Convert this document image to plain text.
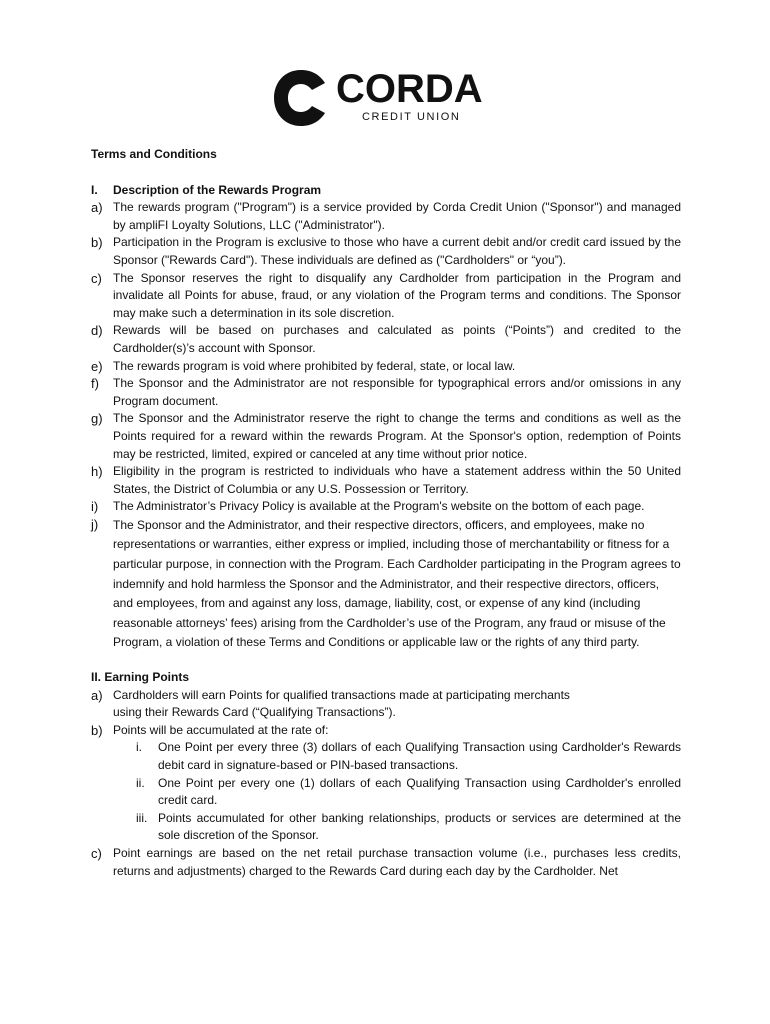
CORDA
CREDIT UNION

Terms and Conditions

I.	Description of the Rewards Program
a) The rewards program ("Program") is a service provided by Corda Credit Union ("Sponsor") and managed by ampliFI Loyalty Solutions, LLC ("Administrator").
b) Participation in the Program is exclusive to those who have a current debit and/or credit card issued by the Sponsor ("Rewards Card"). These individuals are defined as ("Cardholders" or “you”).
c) The Sponsor reserves the right to disqualify any Cardholder from participation in the Program and invalidate all Points for abuse, fraud, or any violation of the Program terms and conditions. The Sponsor may make such a determination in its sole discretion.
d) Rewards will be based on purchases and calculated as points (“Points”) and credited to the Cardholder(s)’s account with Sponsor.
e) The rewards program is void where prohibited by federal, state, or local law.
f)	The Sponsor and the Administrator are not responsible for typographical errors and/or omissions in any Program document.
g) The Sponsor and the Administrator reserve the right to change the terms and conditions as well as the Points required for a reward within the rewards Program. At the Sponsor's option, redemption of Points may be restricted, limited, expired or canceled at any time without prior notice.
h) Eligibility in the program is restricted to individuals who have a statement address within the 50 United States, the District of Columbia or any U.S. Possession or Territory.
i)	The Administrator’s Privacy Policy is available at the Program's website on the bottom of each page.
j)	The Sponsor and the Administrator, and their respective directors, officers, and employees, make no representations or warranties, either express or implied, including those of merchantability or fitness for a particular purpose, in connection with the Program. Each Cardholder participating in the Program agrees to indemnify and hold harmless the Sponsor and the Administrator, and their respective directors, officers, and employees, from and against any loss, damage, liability, cost, or expense of any kind (including reasonable attorneys’ fees) arising from the Cardholder’s use of the Program, any fraud or misuse of the Program, a violation of these Terms and Conditions or applicable law or the rights of any third party.
II. Earning Points
a) Cardholders will earn Points for qualified transactions made at participating merchants using their Rewards Card (“Qualifying Transactions”).
b) Points will be accumulated at the rate of:
i.	One Point per every three (3) dollars of each Qualifying Transaction using Cardholder's Rewards debit card in signature-based or PIN-based transactions.
ii.	One Point per every one (1) dollars of each Qualifying Transaction using Cardholder's enrolled credit card.
iii. Points accumulated for other banking relationships, products or services are determined at the sole discretion of the Sponsor.
c) Point earnings are based on the net retail purchase transaction volume (i.e., purchases less credits, returns and adjustments) charged to the Rewards Card during each day by the Cardholder. Net
